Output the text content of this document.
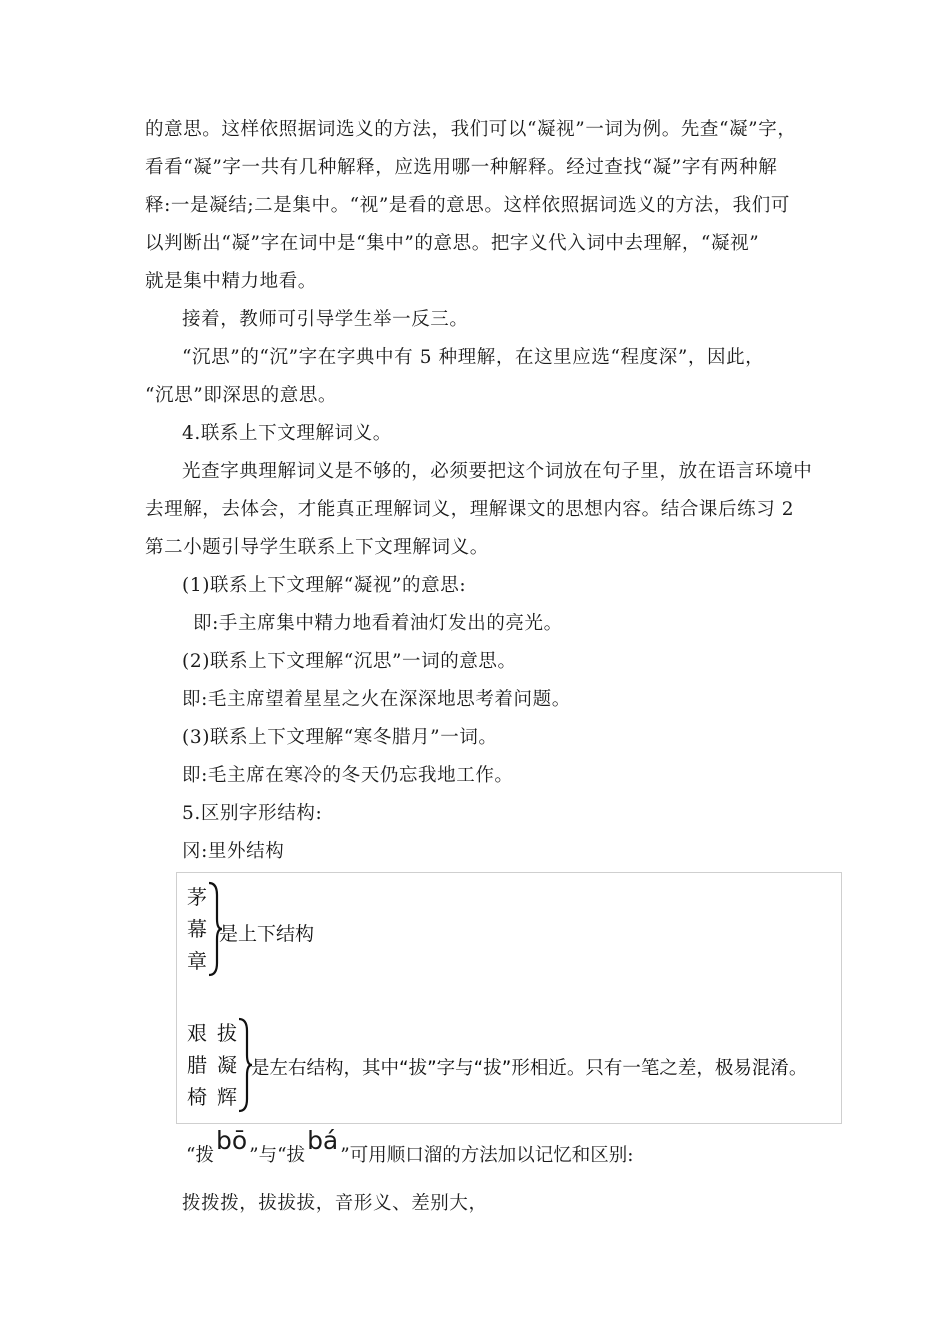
的意思。这样依照据词选义的方法，我们可以“凝视”一词为例。先查“凝”字，
看看“凝”字一共有几种解释，应选用哪一种解释。经过查找“凝”字有两种解
释:一是凝结;二是集中。“视”是看的意思。这样依照据词选义的方法，我们可
以判断出“凝”字在词中是“集中”的意思。把字义代入词中去理解，“凝视”
就是集中精力地看。
接着，教师可引导学生举一反三。
“沉思”的“沉”字在字典中有 5 种理解，在这里应选“程度深”，因此，
“沉思”即深思的意思。
4.联系上下文理解词义。
光查字典理解词义是不够的，必须要把这个词放在句子里，放在语言环境中
去理解，去体会，才能真正理解词义，理解课文的思想内容。结合课后练习 2
第二小题引导学生联系上下文理解词义。
(1)联系上下文理解“凝视”的意思:
即:手主席集中精力地看着油灯发出的亮光。
(2)联系上下文理解“沉思”一词的意思。
即:毛主席望着星星之火在深深地思考着问题。
(3)联系上下文理解“寒冬腊月”一词。
即:毛主席在寒冷的冬天仍忘我地工作。
5.区别字形结构:
冈:里外结构
茅
幕
章
是上下结构
艰
腊
椅
拔
凝
辉
是左右结构，其中“拔”字与“拔”形相近。只有一笔之差，极易混淆。
“拨bō”与“拔bá”可用顺口溜的方法加以记忆和区别:
拨拨拨，拔拔拔，音形义、差别大，
